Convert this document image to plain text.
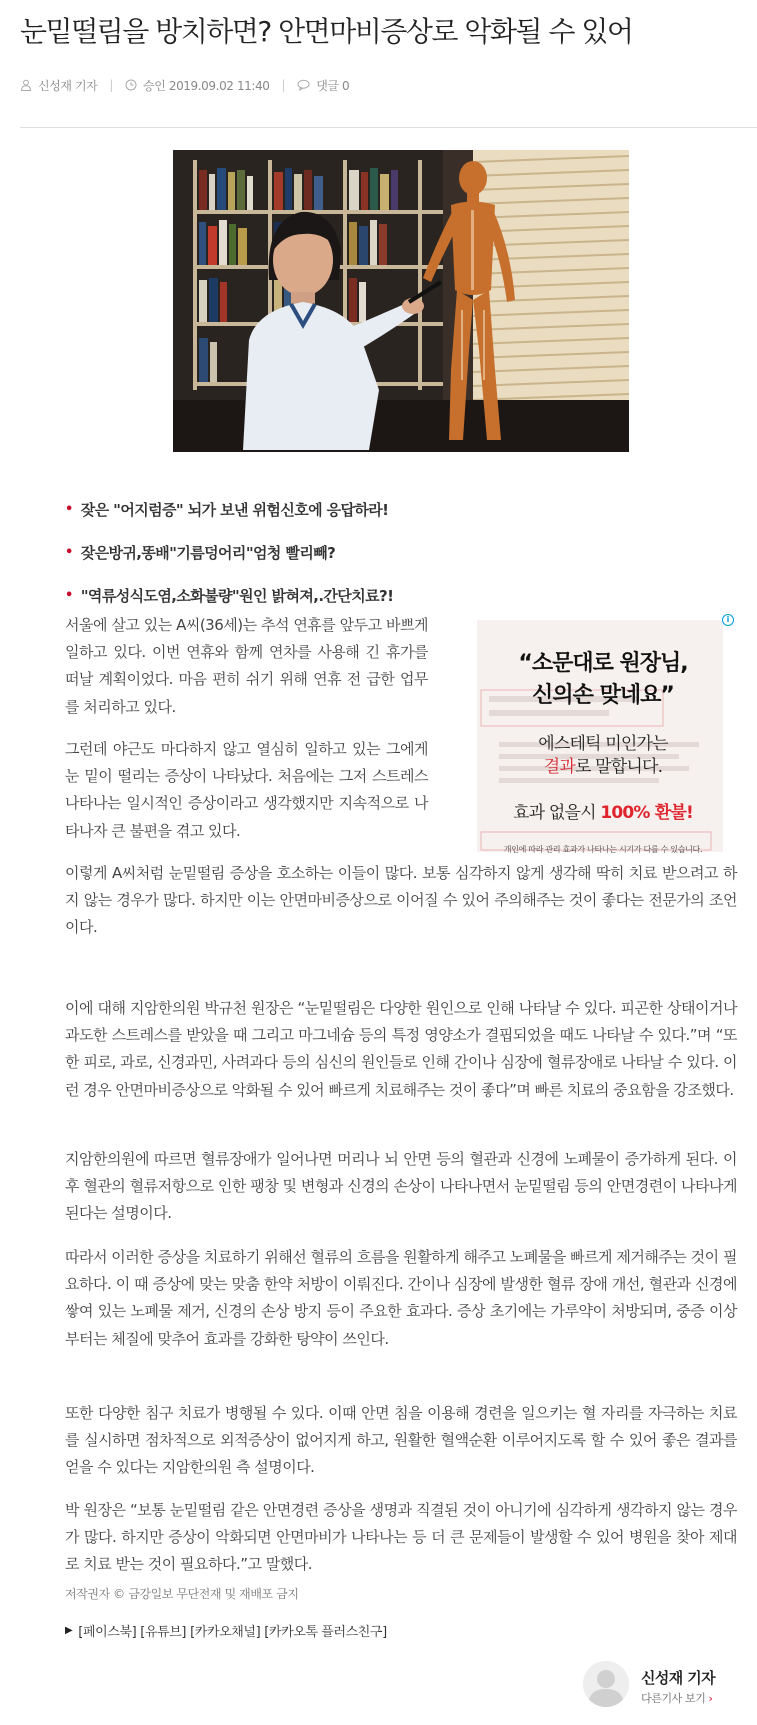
눈밑떨림을 방치하면? 안면마비증상로 악화될 수 있어
신성재 기자 |	승인 2019.09.02 11:40 |	댓글 0
• 잦은 "어지럼증" 뇌가 보낸 위험신호에 응답하라!
• 잦은방귀,똥배"기름덩어리"엄청 빨리빼?
• "역류성식도염,소화불량"원인 밝혀져,.간단치료?!

서울에 살고 있는 A씨(36세)는 추석 연휴를 앞두고 바쁘게 일하고 있다. 이번 연휴와 함께 연차를 사용해 긴 휴가를 떠날 계획이었다. 마음 편히 쉬기 위해 연휴 전 급한 업무를 처리하고 있다.

그런데 야근도 마다하지 않고 열심히 일하고 있는 그에게 눈 밑이 떨리는 증상이 나타났다. 처음에는 그저 스트레스 나타나는 일시적인 증상이라고 생각했지만 지속적으로 나타나자 큰 불편을 겪고 있다.

i
“소문대로 원장님,
신의손 맞네요”
에스테틱 미인가는
결과로 말합니다.
효과 없을시 100% 환불!
개인에 따라 관리 효과가 나타나는 시기가 다를 수 있습니다.

이렇게 A씨처럼 눈밑떨림 증상을 호소하는 이들이 많다. 보통 심각하지 않게 생각해 딱히 치료 받으려고 하지 않는 경우가 많다. 하지만 이는 안면마비증상으로 이어질 수 있어 주의해주는 것이 좋다는 전문가의 조언이다.

이에 대해 지암한의원 박규천 원장은 “눈밑떨림은 다양한 원인으로 인해 나타날 수 있다. 피곤한 상태이거나 과도한 스트레스를 받았을 때 그리고 마그네슘 등의 특정 영양소가 결핍되었을 때도 나타날 수 있다.”며 “또한 피로, 과로, 신경과민, 사려과다 등의 심신의 원인들로 인해 간이나 심장에 혈류장애로 나타날 수 있다. 이런 경우 안면마비증상으로 악화될 수 있어 빠르게 치료해주는 것이 좋다”며 빠른 치료의 중요함을 강조했다.

지암한의원에 따르면 혈류장애가 일어나면 머리나 뇌 안면 등의 혈관과 신경에 노폐물이 증가하게 된다. 이후 혈관의 혈류저항으로 인한 팽창 및 변형과 신경의 손상이 나타나면서 눈밑떨림 등의 안면경련이 나타나게 된다는 설명이다.

따라서 이러한 증상을 치료하기 위해선 혈류의 흐름을 원활하게 해주고 노폐물을 빠르게 제거해주는 것이 필요하다. 이 때 증상에 맞는 맞춤 한약 처방이 이뤄진다. 간이나 심장에 발생한 혈류 장애 개선, 혈관과 신경에 쌓여 있는 노폐물 제거, 신경의 손상 방지 등이 주요한 효과다. 증상 초기에는 가루약이 처방되며, 중증 이상부터는 체질에 맞추어 효과를 강화한 탕약이 쓰인다.

또한 다양한 침구 치료가 병행될 수 있다. 이때 안면 침을 이용해 경련을 일으키는 혈 자리를 자극하는 치료를 실시하면 점차적으로 외적증상이 없어지게 하고, 원활한 혈액순환 이루어지도록 할 수 있어 좋은 결과를 얻을 수 있다는 지암한의원 측 설명이다.

박 원장은 “보통 눈밑떨림 같은 안면경련 증상을 생명과 직결된 것이 아니기에 심각하게 생각하지 않는 경우가 많다. 하지만 증상이 악화되면 안면마비가 나타나는 등 더 큰 문제들이 발생할 수 있어 병원을 찾아 제대로 치료 받는 것이 필요하다.”고 말했다.

저작권자 © 금강일보 무단전재 및 재배포 금지
▶ [페이스북] [유튜브] [카카오채널] [카카오톡 플러스친구]
신성재 기자
다른기사 보기 ›
